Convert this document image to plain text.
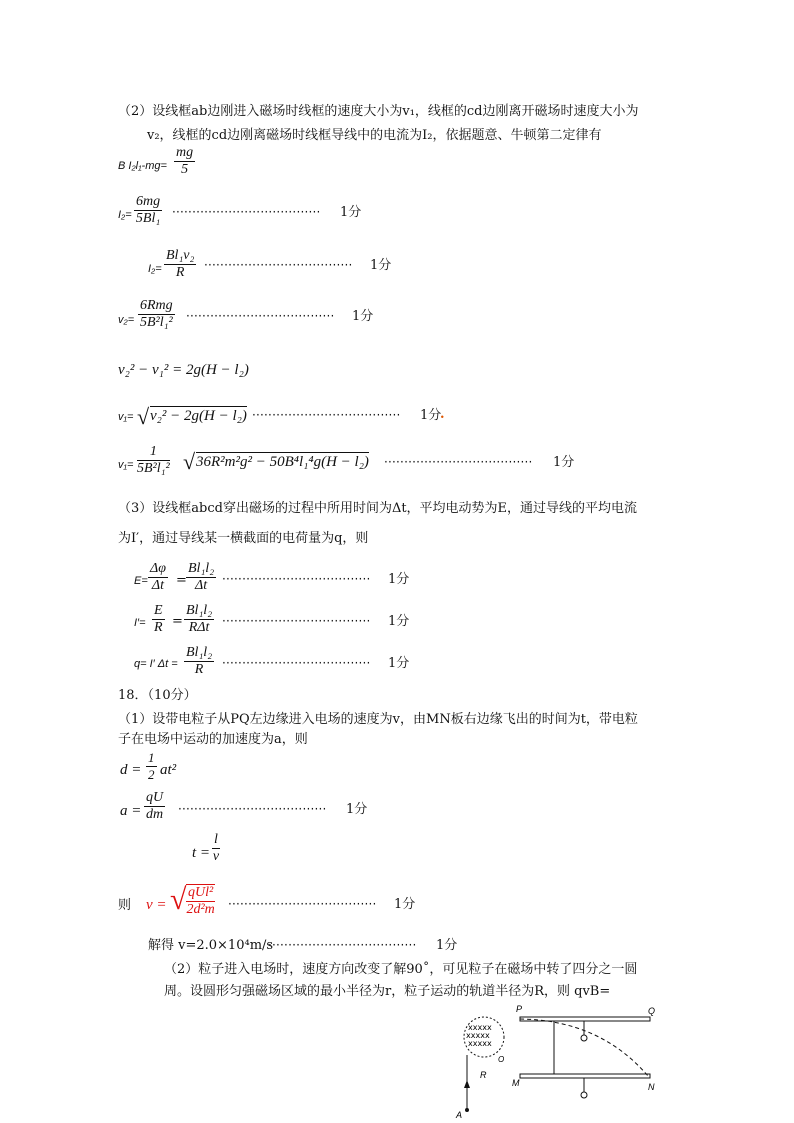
（2）设线框ab边刚进入磁场时线框的速度大小为v₁，线框的cd边刚离开磁场时速度大小为
v₂，线框的cd边刚离磁场时线框导线中的电流为I₂，依据题意、牛顿第二定律有
B $I_2l_1-mg= \frac{mg}{5}$
$I_2= \frac{6mg}{\text{5Bl₁}}$ ····································· 1分
$I_2= \frac{\text{Bl₁v₂}}{R}$ ····································· 1分
v₂=
6Rmg
5B²l₁² ····································· 1分
v₂² − v₁² = 2g(H − l₂)
v₁= √ v₂² − 2g(H − l₂) ····································· 1分
.
$v_1= \frac{1}{\text{5B²l₁²}}$ √ 36R²m²g² − 50B⁴l₁⁴g(H − l₂) ····································· 1分
（3）设线框abcd穿出磁场的过程中所用时间为Δt，平均电动势为E，通过导线的平均电流
为I′，通过导线某一横截面的电荷量为q，则
$E= \frac{\Delta\varphi}{\Delta t} = \frac{\text{Bl₁l₂}}{\Delta t}$ ····································· 1分
$I'= \frac{E}{R}$ =
Bl₁l₂
RΔt	····································· 1分
q= I′ $\Delta t = \frac{\text{Bl₁l₂}}{R}$ ····································· 1分
18．（10分）
（1）设带电粒子从PQ左边缘进入电场的速度为v，由MN板右边缘飞出的时间为t，带电粒
子在电场中运动的加速度为a，则
$d = \frac{1}{2} at^2$
$a = \frac{qU}{dm}$ ····································· 1分
$t = \frac{l}{v}$
则 v = √ qUl²
2d²m ····································· 1分
解得 v=2.0×10⁴m/s
····································· 1分
（2）粒子进入电场时，速度方向改变了解90˚，可见粒子在磁场中转了四分之一圆
周。设圆形匀强磁场区域的最小半径为r，粒子运动的轨道半径为R，则 qvB=
xxxxx
xxxxx
xxxxx
P	Q
M	N
O
R
A
